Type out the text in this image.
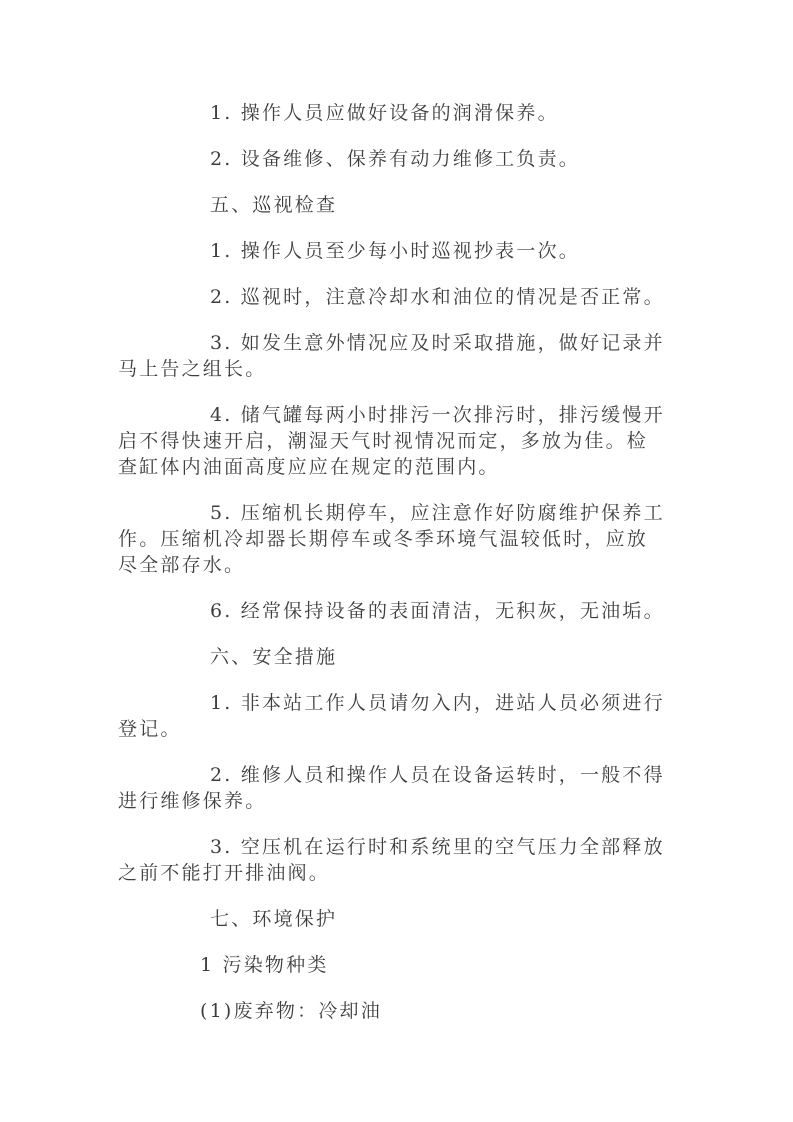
1. 操作人员应做好设备的润滑保养。

2. 设备维修、保养有动力维修工负责。

五、巡视检查

1. 操作人员至少每小时巡视抄表一次。

2. 巡视时，注意冷却水和油位的情况是否正常。

3. 如发生意外情况应及时采取措施，做好记录并马上告之组长。

4. 储气罐每两小时排污一次排污时，排污缓慢开启不得快速开启，潮湿天气时视情况而定，多放为佳。检查缸体内油面高度应应在规定的范围内。

5. 压缩机长期停车，应注意作好防腐维护保养工作。压缩机冷却器长期停车或冬季环境气温较低时，应放尽全部存水。

6. 经常保持设备的表面清洁，无积灰，无油垢。

六、安全措施

1. 非本站工作人员请勿入内，进站人员必须进行登记。

2. 维修人员和操作人员在设备运转时，一般不得进行维修保养。

3. 空压机在运行时和系统里的空气压力全部释放之前不能打开排油阀。

七、环境保护

1 污染物种类

(1)废弃物：冷却油
